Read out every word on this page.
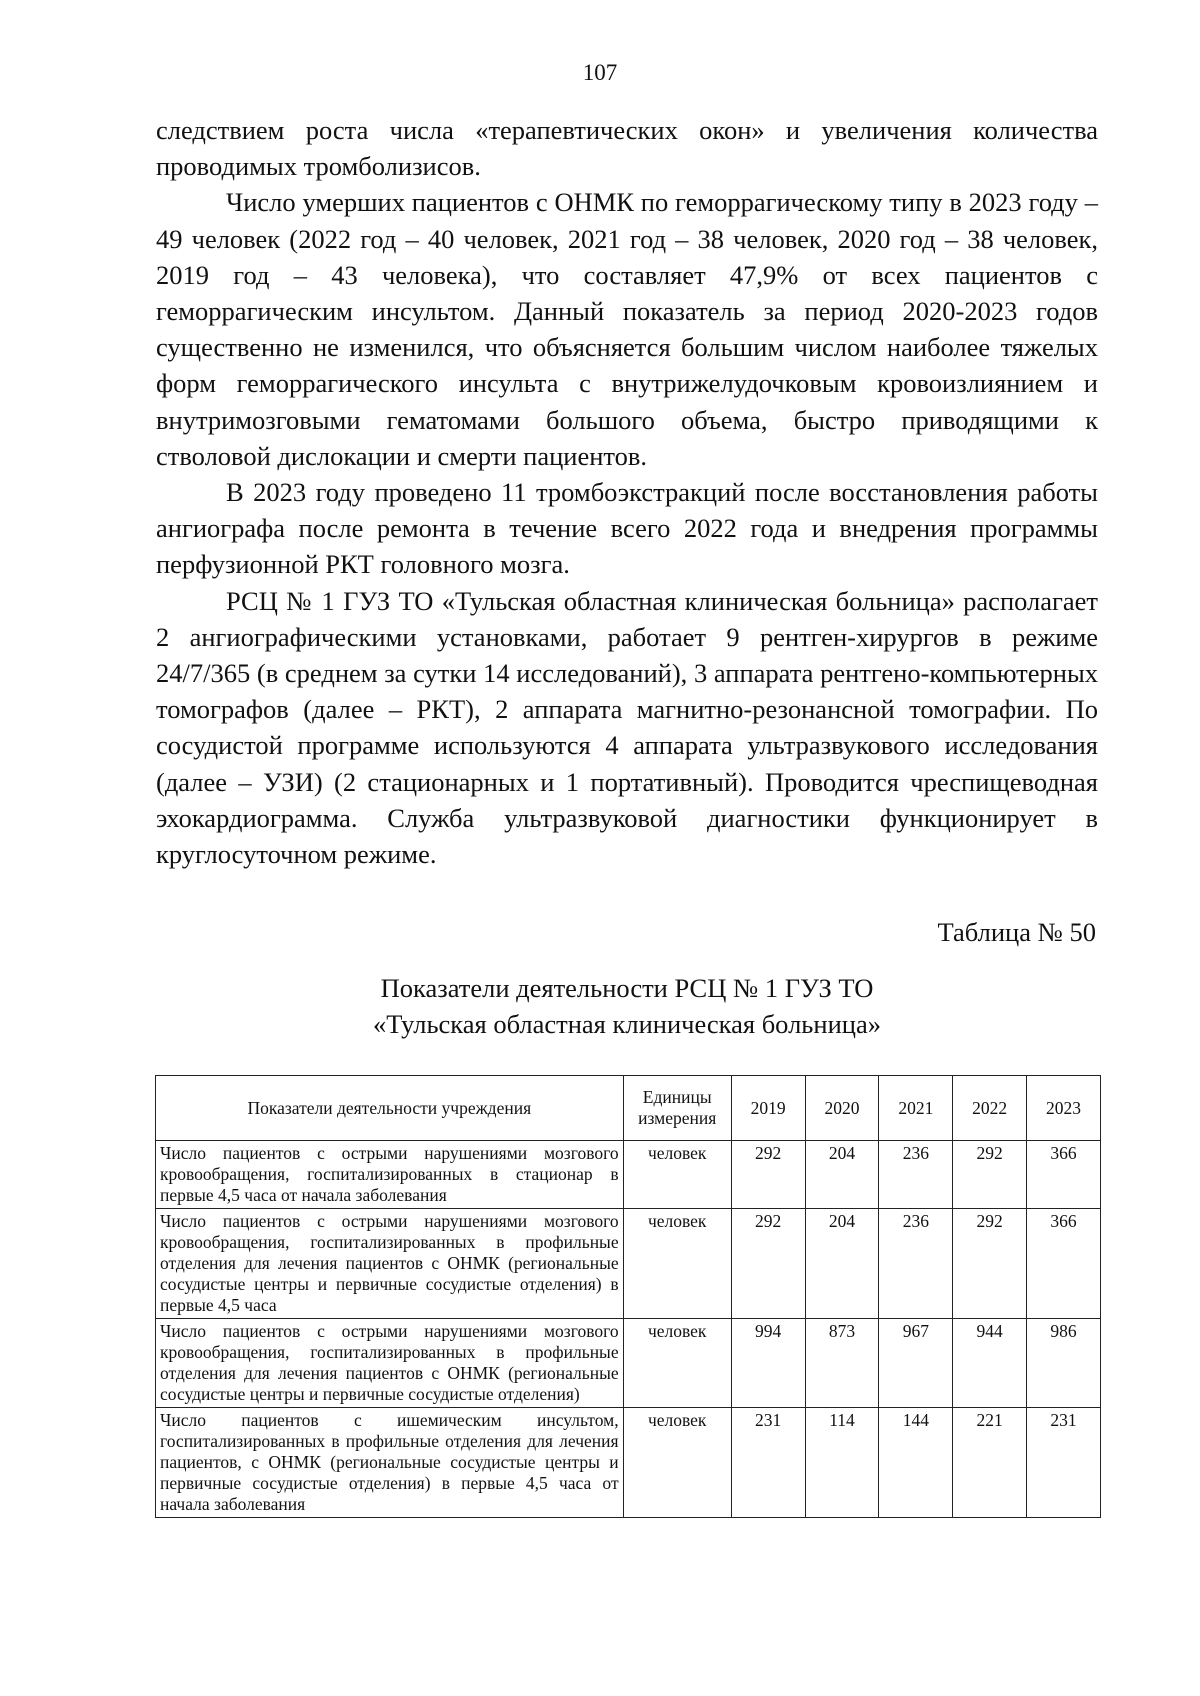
107

следствием роста числа «терапевтических окон» и увеличения количества проводимых тромболизисов.

Число умерших пациентов с ОНМК по геморрагическому типу в 2023 году – 49 человек (2022 год – 40 человек, 2021 год – 38 человек, 2020 год – 38 человек, 2019 год – 43 человека), что составляет 47,9% от всех пациентов с геморрагическим инсультом. Данный показатель за период 2020-2023 годов существенно не изменился, что объясняется большим числом наиболее тяжелых форм геморрагического инсульта с внутрижелудочковым кровоизлиянием и внутримозговыми гематомами большого объема, быстро приводящими к стволовой дислокации и смерти пациентов.

В 2023 году проведено 11 тромбоэкстракций после восстановления работы ангиографа после ремонта в течение всего 2022 года и внедрения программы перфузионной РКТ головного мозга.

РСЦ № 1 ГУЗ ТО «Тульская областная клиническая больница» располагает 2 ангиографическими установками, работает 9 рентген-хирургов в режиме 24/7/365 (в среднем за сутки 14 исследований), 3 аппарата рентгено-компьютерных томографов (далее – РКТ), 2 аппарата магнитно-резонансной томографии. По сосудистой программе используются 4 аппарата ультразвукового исследования (далее – УЗИ) (2 стационарных и 1 портативный). Проводится чреспищеводная эхокардиограмма. Служба ультразвуковой диагностики функционирует в круглосуточном режиме.

Таблица № 50
Показатели деятельности РСЦ № 1 ГУЗ ТО
«Тульская областная клиническая больница»
Показатели деятельности учреждения	Единицы измерения	2019	2020	2021	2022	2023
Число пациентов с острыми нарушениями мозгового кровообращения, госпитализированных в стационар в первые 4,5 часа от начала заболевания	человек	292	204	236	292	366
Число пациентов с острыми нарушениями мозгового кровообращения, госпитализированных в профильные отделения для лечения пациентов с ОНМК (региональные сосудистые центры и первичные сосудистые отделения) в первые 4,5 часа	человек	292	204	236	292	366
Число пациентов с острыми нарушениями мозгового кровообращения, госпитализированных в профильные отделения для лечения пациентов с ОНМК (региональные сосудистые центры и первичные сосудистые отделения)	человек	994	873	967	944	986
Число пациентов с ишемическим инсультом, госпитализированных в профильные отделения для лечения пациентов, с ОНМК (региональные сосудистые центры и первичные сосудистые отделения) в первые 4,5 часа от начала заболевания	человек	231	114	144	221	231
